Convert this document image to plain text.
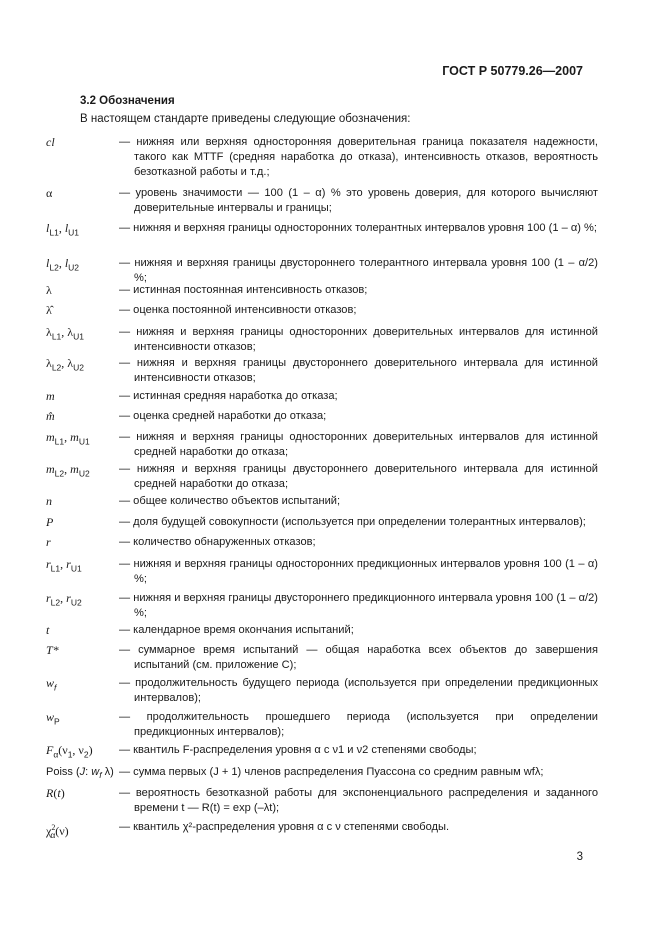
ГОСТ Р 50779.26—2007
3.2 Обозначения
В настоящем стандарте приведены следующие обозначения:
cl	— нижняя или верхняя односторонняя доверительная граница показателя надежности, такого как MTTF (средняя наработка до отказа), интенсивность отказов, вероятность безотказной работы и т.д.;
α	— уровень значимости — 100 (1 – α) % это уровень доверия, для которого вычисляют доверительные интервалы и границы;
$l_{L1}$, $l_{U1}$	— нижняя и верхняя границы односторонних толерантных интервалов уровня 100 (1 – α) %;
$l_{L2}$, $l_{U2}$	— нижняя и верхняя границы двустороннего толерантного интервала уровня 100 (1 – α/2) %;
λ	— истинная постоянная интенсивность отказов;
λ̂	— оценка постоянной интенсивности отказов;
$\lambda_{L1}$, $\lambda_{U1}$	— нижняя и верхняя границы односторонних доверительных интервалов для истинной интенсивности отказов;
$\lambda_{L2}$, $\lambda_{U2}$	— нижняя и верхняя границы двустороннего доверительного интервала для истинной интенсивности отказов;
m	— истинная средняя наработка до отказа;
m̂	— оценка средней наработки до отказа;
$m_{L1}$, $m_{U1}$	— нижняя и верхняя границы односторонних доверительных интервалов для истинной средней наработки до отказа;
$m_{L2}$, $m_{U2}$	— нижняя и верхняя границы двустороннего доверительного интервала для истинной средней наработки до отказа;
n	— общее количество объектов испытаний;
P	— доля будущей совокупности (используется при определении толерантных интервалов);
r	— количество обнаруженных отказов;
$r_{L1}$, $r_{U1}$	— нижняя и верхняя границы односторонних предикционных интервалов уровня 100 (1 – α) %;
$r_{L2}$, $r_{U2}$	— нижняя и верхняя границы двустороннего предикционного интервала уровня 100 (1 – α/2) %;
t	— календарное время окончания испытаний;
T*	— суммарное время испытаний — общая наработка всех объектов до завершения испытаний (см. приложение С);
$w_f$	— продолжительность будущего периода (используется при определении предикционных интервалов);
$w_P$	— продолжительность прошедшего периода (используется при определении предикционных интервалов);
$F_\alpha(\nu_1$, $\nu_2$)	— квантиль F-распределения уровня α с ν1 и ν2 степенями свободы;
Poiss (J: $w_f$ λ) — сумма первых (J + 1) членов распределения Пуассона со средним равным wfλ;
R(t)	— вероятность безотказной работы для экспоненциального распределения и заданного времени t — R(t) = exp (–λt);
$\chi^2_\alpha(\nu)$	— квантиль χ²-распределения уровня α с ν степенями свободы.
3
